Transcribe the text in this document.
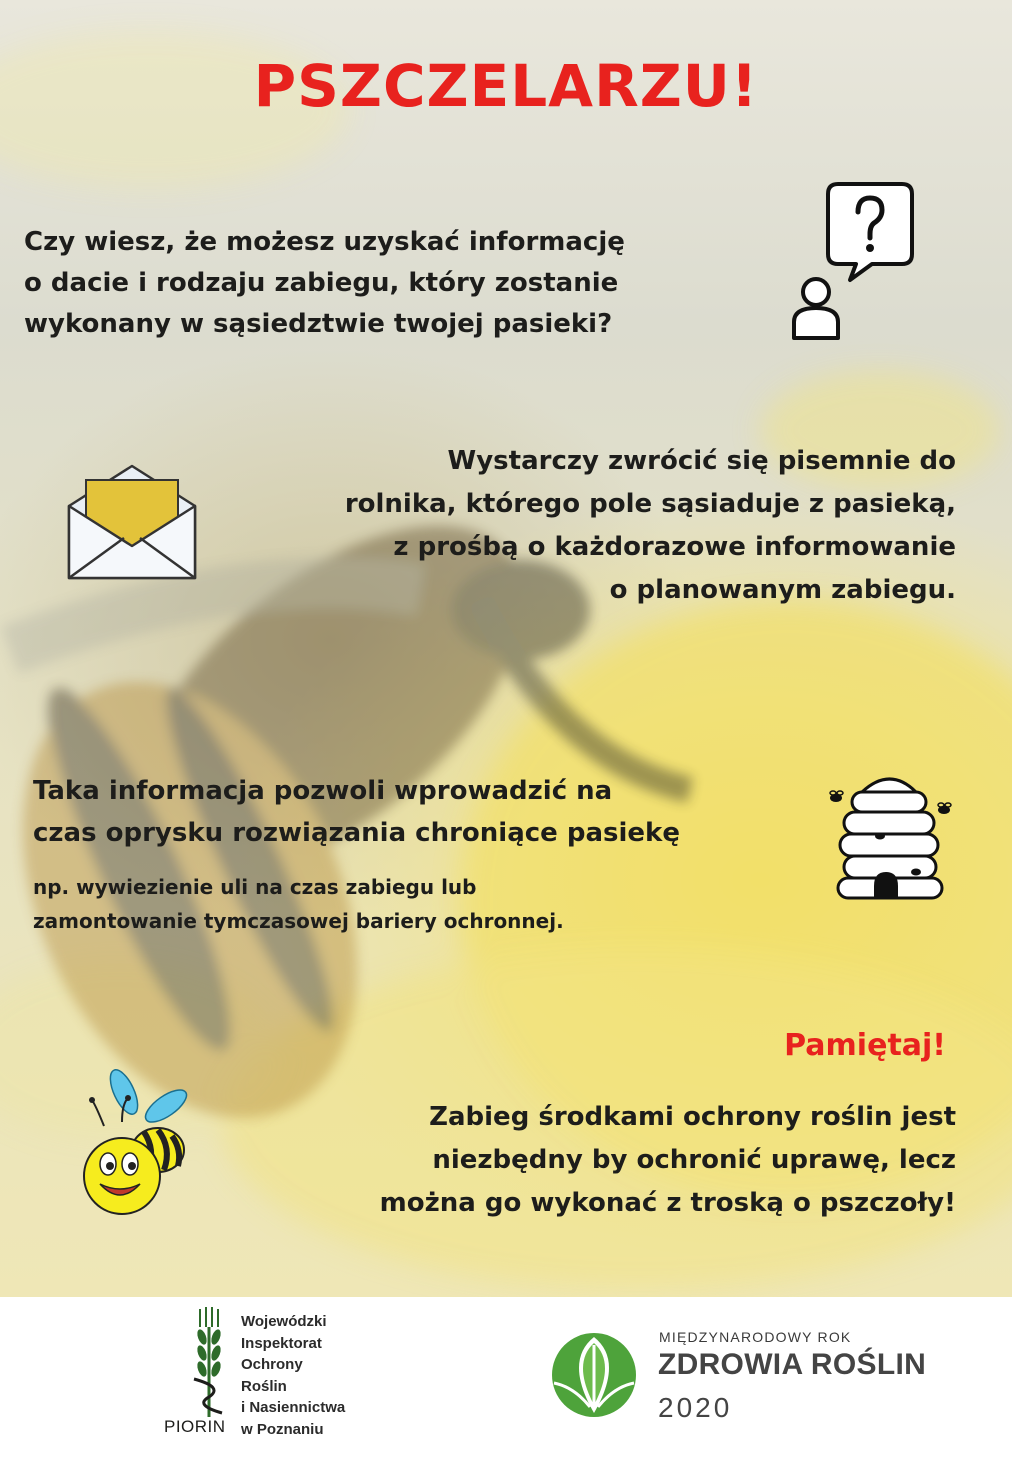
PSZCZELARZU!
Czy wiesz, że możesz uzyskać informację
o dacie i rodzaju zabiegu, który zostanie
wykonany w sąsiedztwie twojej pasieki?
Wystarczy zwrócić się pisemnie do
rolnika, którego pole sąsiaduje z pasieką,
z prośbą o każdorazowe informowanie
o planowanym zabiegu.
Taka informacja pozwoli wprowadzić na
czas oprysku rozwiązania chroniące pasiekę
np. wywiezienie uli na czas zabiegu lub
zamontowanie tymczasowej bariery ochronnej.
Pamiętaj!
Zabieg środkami ochrony roślin jest
niezbędny by ochronić uprawę, lecz
można go wykonać z troską o pszczoły!
PIORIN
Wojewódzki
Inspektorat
Ochrony
Roślin
i Nasiennictwa
w Poznaniu
MIĘDZYNARODOWY ROK
ZDROWIA ROŚLIN
2020
